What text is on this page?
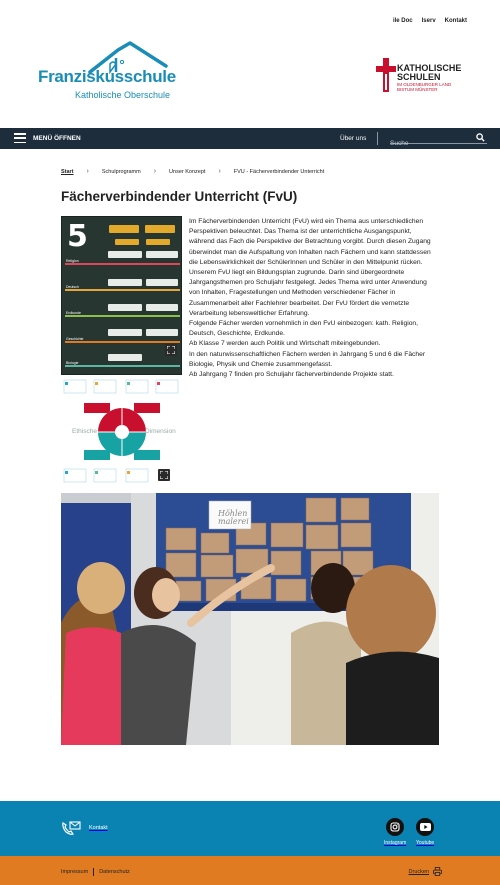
ile Doc Iserv Kontakt
Franziskusschule
Katholische Oberschule
KATHOLISCHE
SCHULEN
IM OLDENBURGER LAND
BISTUM MÜNSTER
MENÜ ÖFFNEN	Über uns
Suche
Start › Schulprogramm › Unser Konzept › FVU - Fächerverbindender Unterricht
Fächerverbindender Unterricht (FvU)
5
Religion
Deutsch
Erdkunde
Geschichte
Biologie
Ethische	Dimension

Im Fächerverbindenden Unterricht (FvU) wird ein Thema aus unterschiedlichen Perspektiven beleuchtet. Das Thema ist der unterrichtliche Ausgangspunkt, während das Fach die Perspektive der Betrachtung vorgibt. Durch diesen Zugang überwindet man die Aufspaltung von Inhalten nach Fächern und kann stattdessen die Lebenswirklichkeit der SchülerInnen und Schüler in den Mittelpunkt rücken.

Unserem FvU liegt ein Bildungsplan zugrunde. Darin sind übergeordnete Jahrgangsthemen pro Schuljahr festgelegt. Jedes Thema wird unter Anwendung von Inhalten, Fragestellungen und Methoden verschiedener Fächer in Zusammenarbeit aller Fachlehrer bearbeitet. Der FvU fördert die vernetzte Verarbeitung lebensweltlicher Erfahrung.

Folgende Fächer werden vornehmlich in den FvU einbezogen: kath. Religion, Deutsch, Geschichte, Erdkunde.

Ab Klasse 7 werden auch Politik und Wirtschaft miteingebunden.

In den naturwissenschaftlichen Fächern werden in Jahrgang 5 und 6 die Fächer Biologie, Physik und Chemie zusammengefasst.

Ab Jahrgang 7 finden pro Schuljahr fächerverbindende Projekte statt.

Höhlen malerei
Kontakt
Instagram Youtube
Impressum Datenschutz	Drucken
